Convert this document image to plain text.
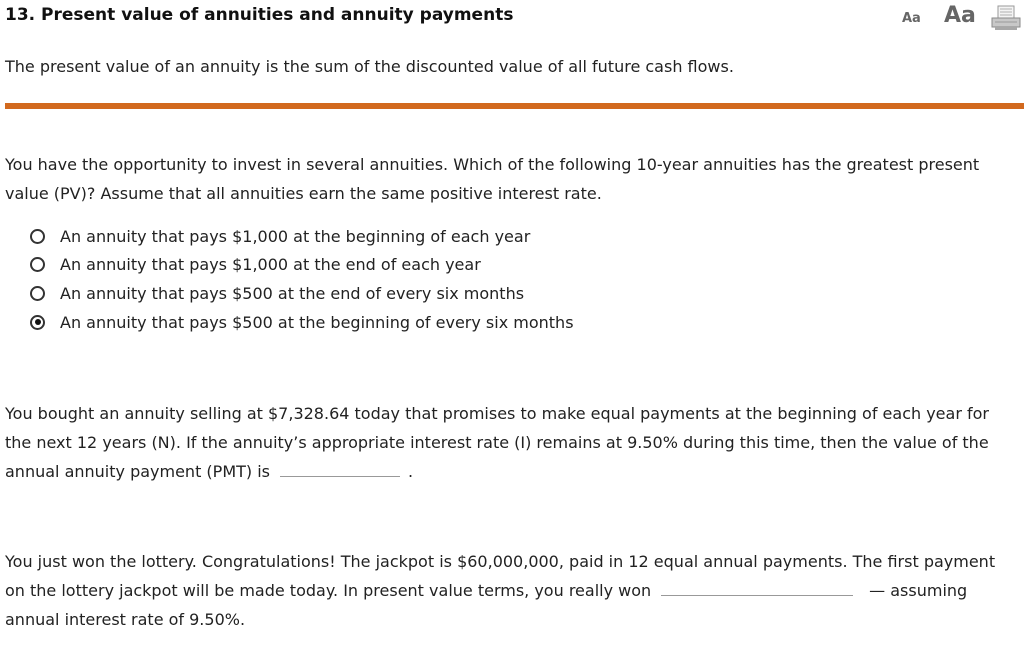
13. Present value of annuities and annuity payments	Aa Aa

The present value of an annuity is the sum of the discounted value of all future cash flows.

You have the opportunity to invest in several annuities. Which of the following 10-year annuities has the greatest present value (PV)? Assume that all annuities earn the same positive interest rate.

An annuity that pays $1,000 at the beginning of each year
An annuity that pays $1,000 at the end of each year
An annuity that pays $500 at the end of every six months
An annuity that pays $500 at the beginning of every six months

You bought an annuity selling at $7,328.64 today that promises to make equal payments at the beginning of each year for the next 12 years (N). If the annuity’s appropriate interest rate (I) remains at 9.50% during this time, then the value of the annual annuity payment (PMT) is	.

You just won the lottery. Congratulations! The jackpot is $60,000,000, paid in 12 equal annual payments. The first payment on the lottery jackpot will be made today. In present value terms, you really won	— assuming annual interest rate of 9.50%.
